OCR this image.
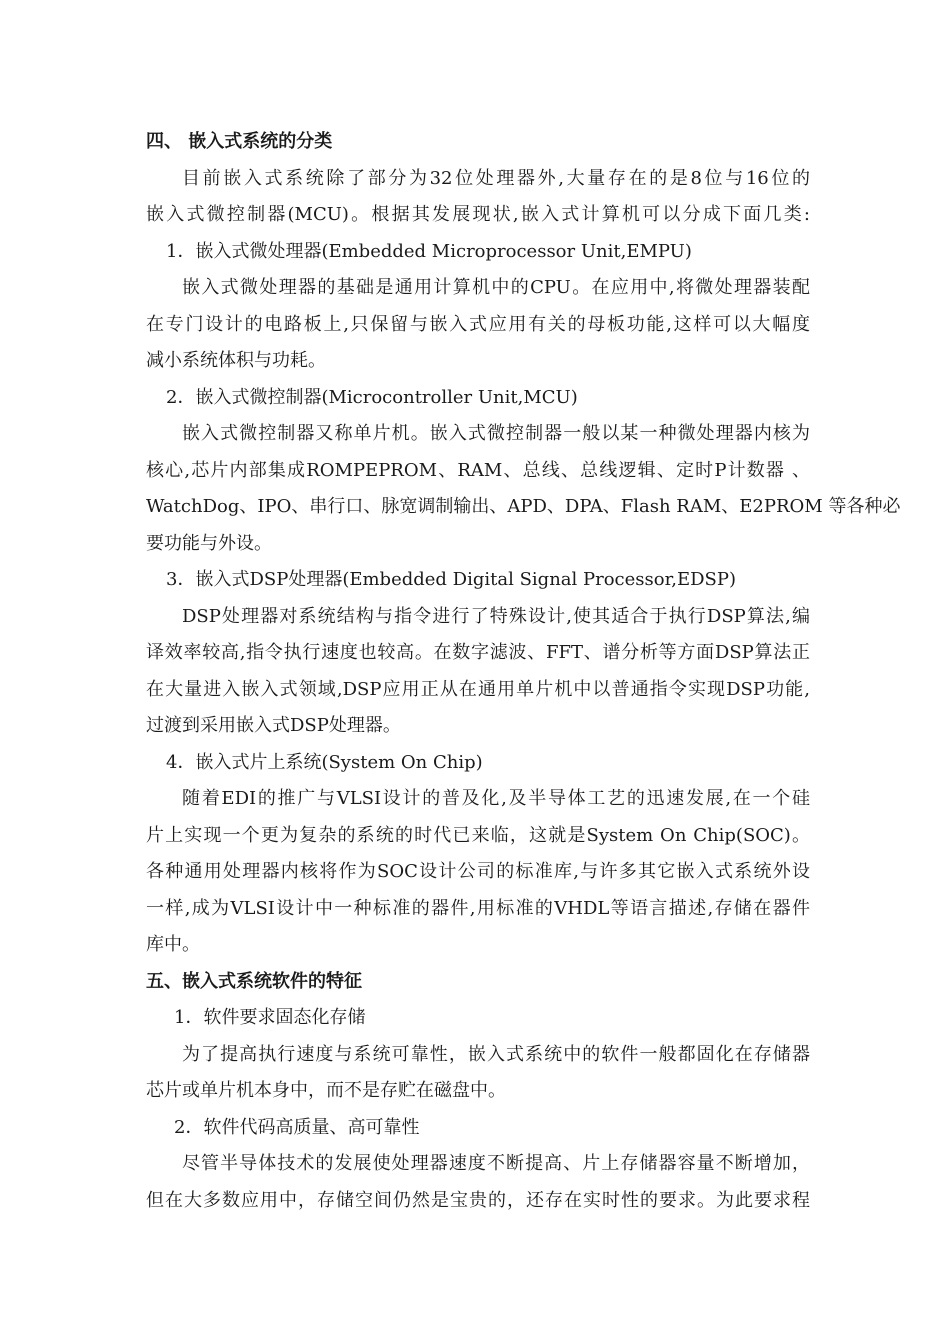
四、 嵌入式系统的分类
目前嵌入式系统除了部分为32位处理器外,大量存在的是8位与16位的
嵌入式微控制器(MCU)。根据其发展现状,嵌入式计算机可以分成下面几类:
1．嵌入式微处理器(Embedded Microprocessor Unit,EMPU)
嵌入式微处理器的基础是通用计算机中的CPU。在应用中,将微处理器装配
在专门设计的电路板上,只保留与嵌入式应用有关的母板功能,这样可以大幅度
减小系统体积与功耗。
2．嵌入式微控制器(Microcontroller Unit,MCU)
嵌入式微控制器又称单片机。嵌入式微控制器一般以某一种微处理器内核为
核心,芯片内部集成ROMPEPROM、RAM、总线、总线逻辑、定时P计数器 、
WatchDog、IPO、串行口、脉宽调制输出、APD、DPA、Flash RAM、E2PROM 等各种必
要功能与外设。
3．嵌入式DSP处理器(Embedded Digital Signal Processor,EDSP)
DSP处理器对系统结构与指令进行了特殊设计,使其适合于执行DSP算法,编
译效率较高,指令执行速度也较高。在数字滤波、FFT、谱分析等方面DSP算法正
在大量进入嵌入式领域,DSP应用正从在通用单片机中以普通指令实现DSP功能,
过渡到采用嵌入式DSP处理器。
4．嵌入式片上系统(System On Chip)
随着EDI的推广与VLSI设计的普及化,及半导体工艺的迅速发展,在一个硅
片上实现一个更为复杂的系统的时代已来临，这就是System On Chip(SOC)。
各种通用处理器内核将作为SOC设计公司的标准库,与许多其它嵌入式系统外设
一样,成为VLSI设计中一种标准的器件,用标准的VHDL等语言描述,存储在器件
库中。
五、嵌入式系统软件的特征
1．软件要求固态化存储
为了提高执行速度与系统可靠性，嵌入式系统中的软件一般都固化在存储器
芯片或单片机本身中，而不是存贮在磁盘中。
2．软件代码高质量、高可靠性
尽管半导体技术的发展使处理器速度不断提高、片上存储器容量不断增加，
但在大多数应用中，存储空间仍然是宝贵的，还存在实时性的要求。为此要求程
